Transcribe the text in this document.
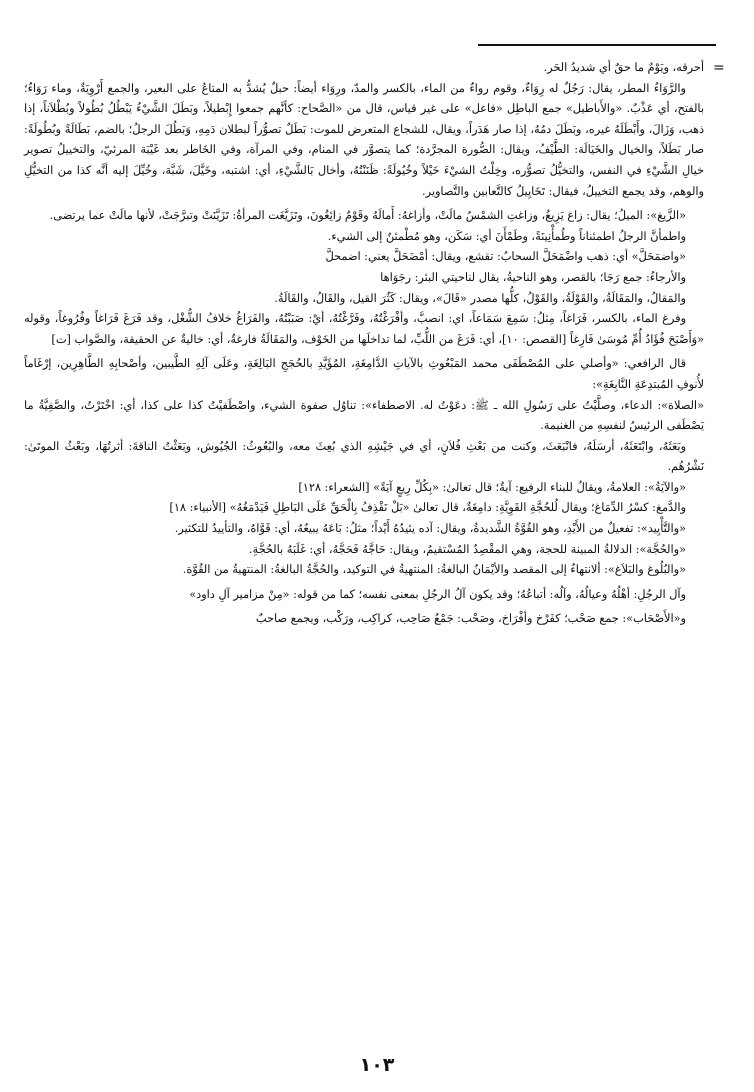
=

أحرقه، ويَوْمٌ ما حقٌ أي شديدُ الحَر.

والرَّوَاءُ المطر، يقال: رَجُلٌ له رِوَاءٌ، وقوم رواءٌ من الماء، بالكسر والمدّ، ورِوَاء أيضاً: حبلٌ يُشدُّ به المتاعُ على البعير، والجمع أَرْوِيَةٌ، وماء رَوَاءٌ؛ بالفتح، أي عَذْبٌ. «والأَباطيل» جمع الباطِل «فاعل» على غير قياس، قال من «الصَّحاح: كأنَّهم جمعوا إِبْطيلاً، وبَطَلَ الشَّيْءُ يَبْطُلُ بُطُولاً وبُطْلاَناً، إذا ذهب، وَزَالَ، وأَبْطَلَهُ غيره، وبَطَلَ دمُهُ، إذا صار هَدَراً، ويقال، للشجاع المتعرض للموت: بَطَلٌ تصوُّراً لبطلان دَمِهِ، وَبَطُلَ الرجلُ؛ بالضم، بَطَالَةً وبُطُولَةً: صار بَطَلاً، والخيال والخَيَالَة: الطَّيْفُ، ويقال: الصُّورة المجرَّدة؛ كما يتصوَّر في المنام، وفي المرآة، وفي الخَاطر بعد غَيْبَة المرئيّ، والتخييلُ تصوير خيالِ الشَّيْءِ في النفس، والتخيُّلُ تصوُّره، وخِلْتُ الشيْءَ خَيْلاً وخُيُولَةً: ظَنَنْتُهُ، وأخال بَالشَّيْءِ، أي: اشتبه، وخَيَّلَ، شَبَّهَ، وخُيِّلَ إليه أنَّه كذا من التخيُّلِ والوهم، وقد يجمع التخييلُ، فيقال: تَخَايِيلُ كالتَّعابين والتَّصاوير.

«الزَّيغ»: الميلُ؛ يقال: زاغ يَزِيغُ، وزاغتِ الشمْسُ مالَتْ، وأزاغهُ: أَمالَهُ وقَوْمٌ زائِغُونَ، وتَزَيَّغَت المرأةُ: تَزَيَّنَتْ وتبرَّجَتْ، لأنها مالَتْ عما يرتضى.

واطمأنَّ الرجلُ اطمئناناً وطُمأْنِينَةً، وطَمْأَنَ أي: سَكَن، وهو مُطْمئنٌ إلى الشيء.

«واضمَحَلَّ» أي: ذهب واضْمَحَلَّ السحابُ: تقشع، ويقال: أمْضَحَلَّ يعني: اضمحلَّ

والأرجاءُ: جمع رَجَا؛ بالقصر، وهو الناحيةُ، يقال لناحيتي البئر: رجَوَاها

والمَقالُ، والمَقَالَةُ، والقَوْلَةُ، والقَوْلُ، كلُّها مصدر «قَالَ»، ويقال: كَثُرَ القيل، والقَالُ، والقَالَةُ.

وفرغ الماء، بالكسر، فَرَاغاً، مِثلُ: سَمِعَ سَمَاعاً، اي: انصبَّ، وأفْرَغْتُهُ، وفَرَّغْتُهُ، أيْ: صَبَبْتُهُ، والفَرَاغُ خلافُ الشُّغْل، وقد فَرَغَ فَرَاغاً وفُرُوغاً، وقوله «وَأَصْبَحَ فُؤَادُ أُمِّ مُوسَىٰ فَارِغاً [القصص: ١٠]، أي: فَرَغَ من اللُّبِّ، لما تداخلَها من الخَوْف، والمَقَالَةُ فارغةٌ، أي: خاليةٌ عن الحقيقة، والصَّواب [ت]

قال الرافعي: «وأصلي على المُصْطَفَى محمد المَبْعُوثِ بالآياتِ الدَّامِغَةِ، المُؤَيَّدِ بالحُجَجِ البَالِغَةِ، وعَلَى آلِهِ الطَّيبين، وأصْحابِهِ الطَّاهِرِين، إرْغَاماً لأُنوفِ المُبتدِعَةِ النَّابِغَةِ»:

«الصلاة»: الدعاء، وصلَّيْتُ على رَسُولِ الله ـ ﷺ: دعَوْتُ له. الاصطفاء»: تناوُل صفوة الشيء، واصْطَفيْتُ كذا على كذا، أي: اخْتَرْتُ، والصَّفِيَّةُ ما يَصْطَفى الرئيسُ لنفسِهِ من الغنيمة.

وبَعَثَهُ، وابْتَعَثَهُ، أرسَلَهُ، فانْبَعَثَ، وكنت من بَعْثِ فُلاَنٍ، أي في جَيْشِهِ الذي بُعِثَ معه، والبُعُوثُ: الجُيُوش، وبَعَثْتُ الناقةَ: أثرتُهَا، وبَعْثُ الموتَىٰ: نَشْرُهُم.

«والآيَةُ»: العلامةُ، ويقالُ للبناء الرفيع: آيةٌ؛ قال تعالىٰ: «بِكُلِّ رِيعٍ آيَةً» [الشعراء: ١٢٨]

والدَّمغ: كسْرُ الدِّمَاغ؛ ويقال لُلحُجَّةِ القَوِيَّةِ: دامِغَةٌ، قال تعالىٰ «بَلْ نَقْذِفُ بِالْحَقِّ عَلَى البَاطِلِ فَيَدْمَغُهُ» [الأنبياء: ١٨]

«والتَّأْيِيد»: تفعيلٌ من الأَيْدِ، وهو القُوَّةُ الشَّديدةُ، ويقال: آده يئيدُهُ أَيْداً؛ مثلُ: بَاعَهُ يبيعُهُ، أي: قَوَّاهُ، والتأييدُ للتكثير.

«والحُجَّة»: الدلالةُ المبينة للحجة، وهي المقْصِدُ المُسْتقيمُ، ويقال: حَاجَّهُ فَحَجَّهُ، أي: غَلَبَهُ بالحُجَّةِ.

«والبُلُوغ والبَلاَغ»: ألانتهاءُ إلى المقصد والأيْمَانُ البالغةُ: المنتهيةُ في التوكيد، والحُجَّةُ البالغةُ: المنتهيةُ من القُوَّة.

وآل الرجُلِ: أهْلُهُ وعيالُهُ، وآلُه: أتباعُهُ؛ وقد يكون آلُ الرجُلِ بمعنى نفسه؛ كما من قوله: «مِنْ مزامير آلِ داود»

و«الأَصْحَاب»: جمع صَحْب؛ كفَرْخ وأفْرَاخ، وصَحْب: جَمْعُ صَاحِب، كراكِب، ورَكْب، ويجمع صاحبٌ

١٠٣
